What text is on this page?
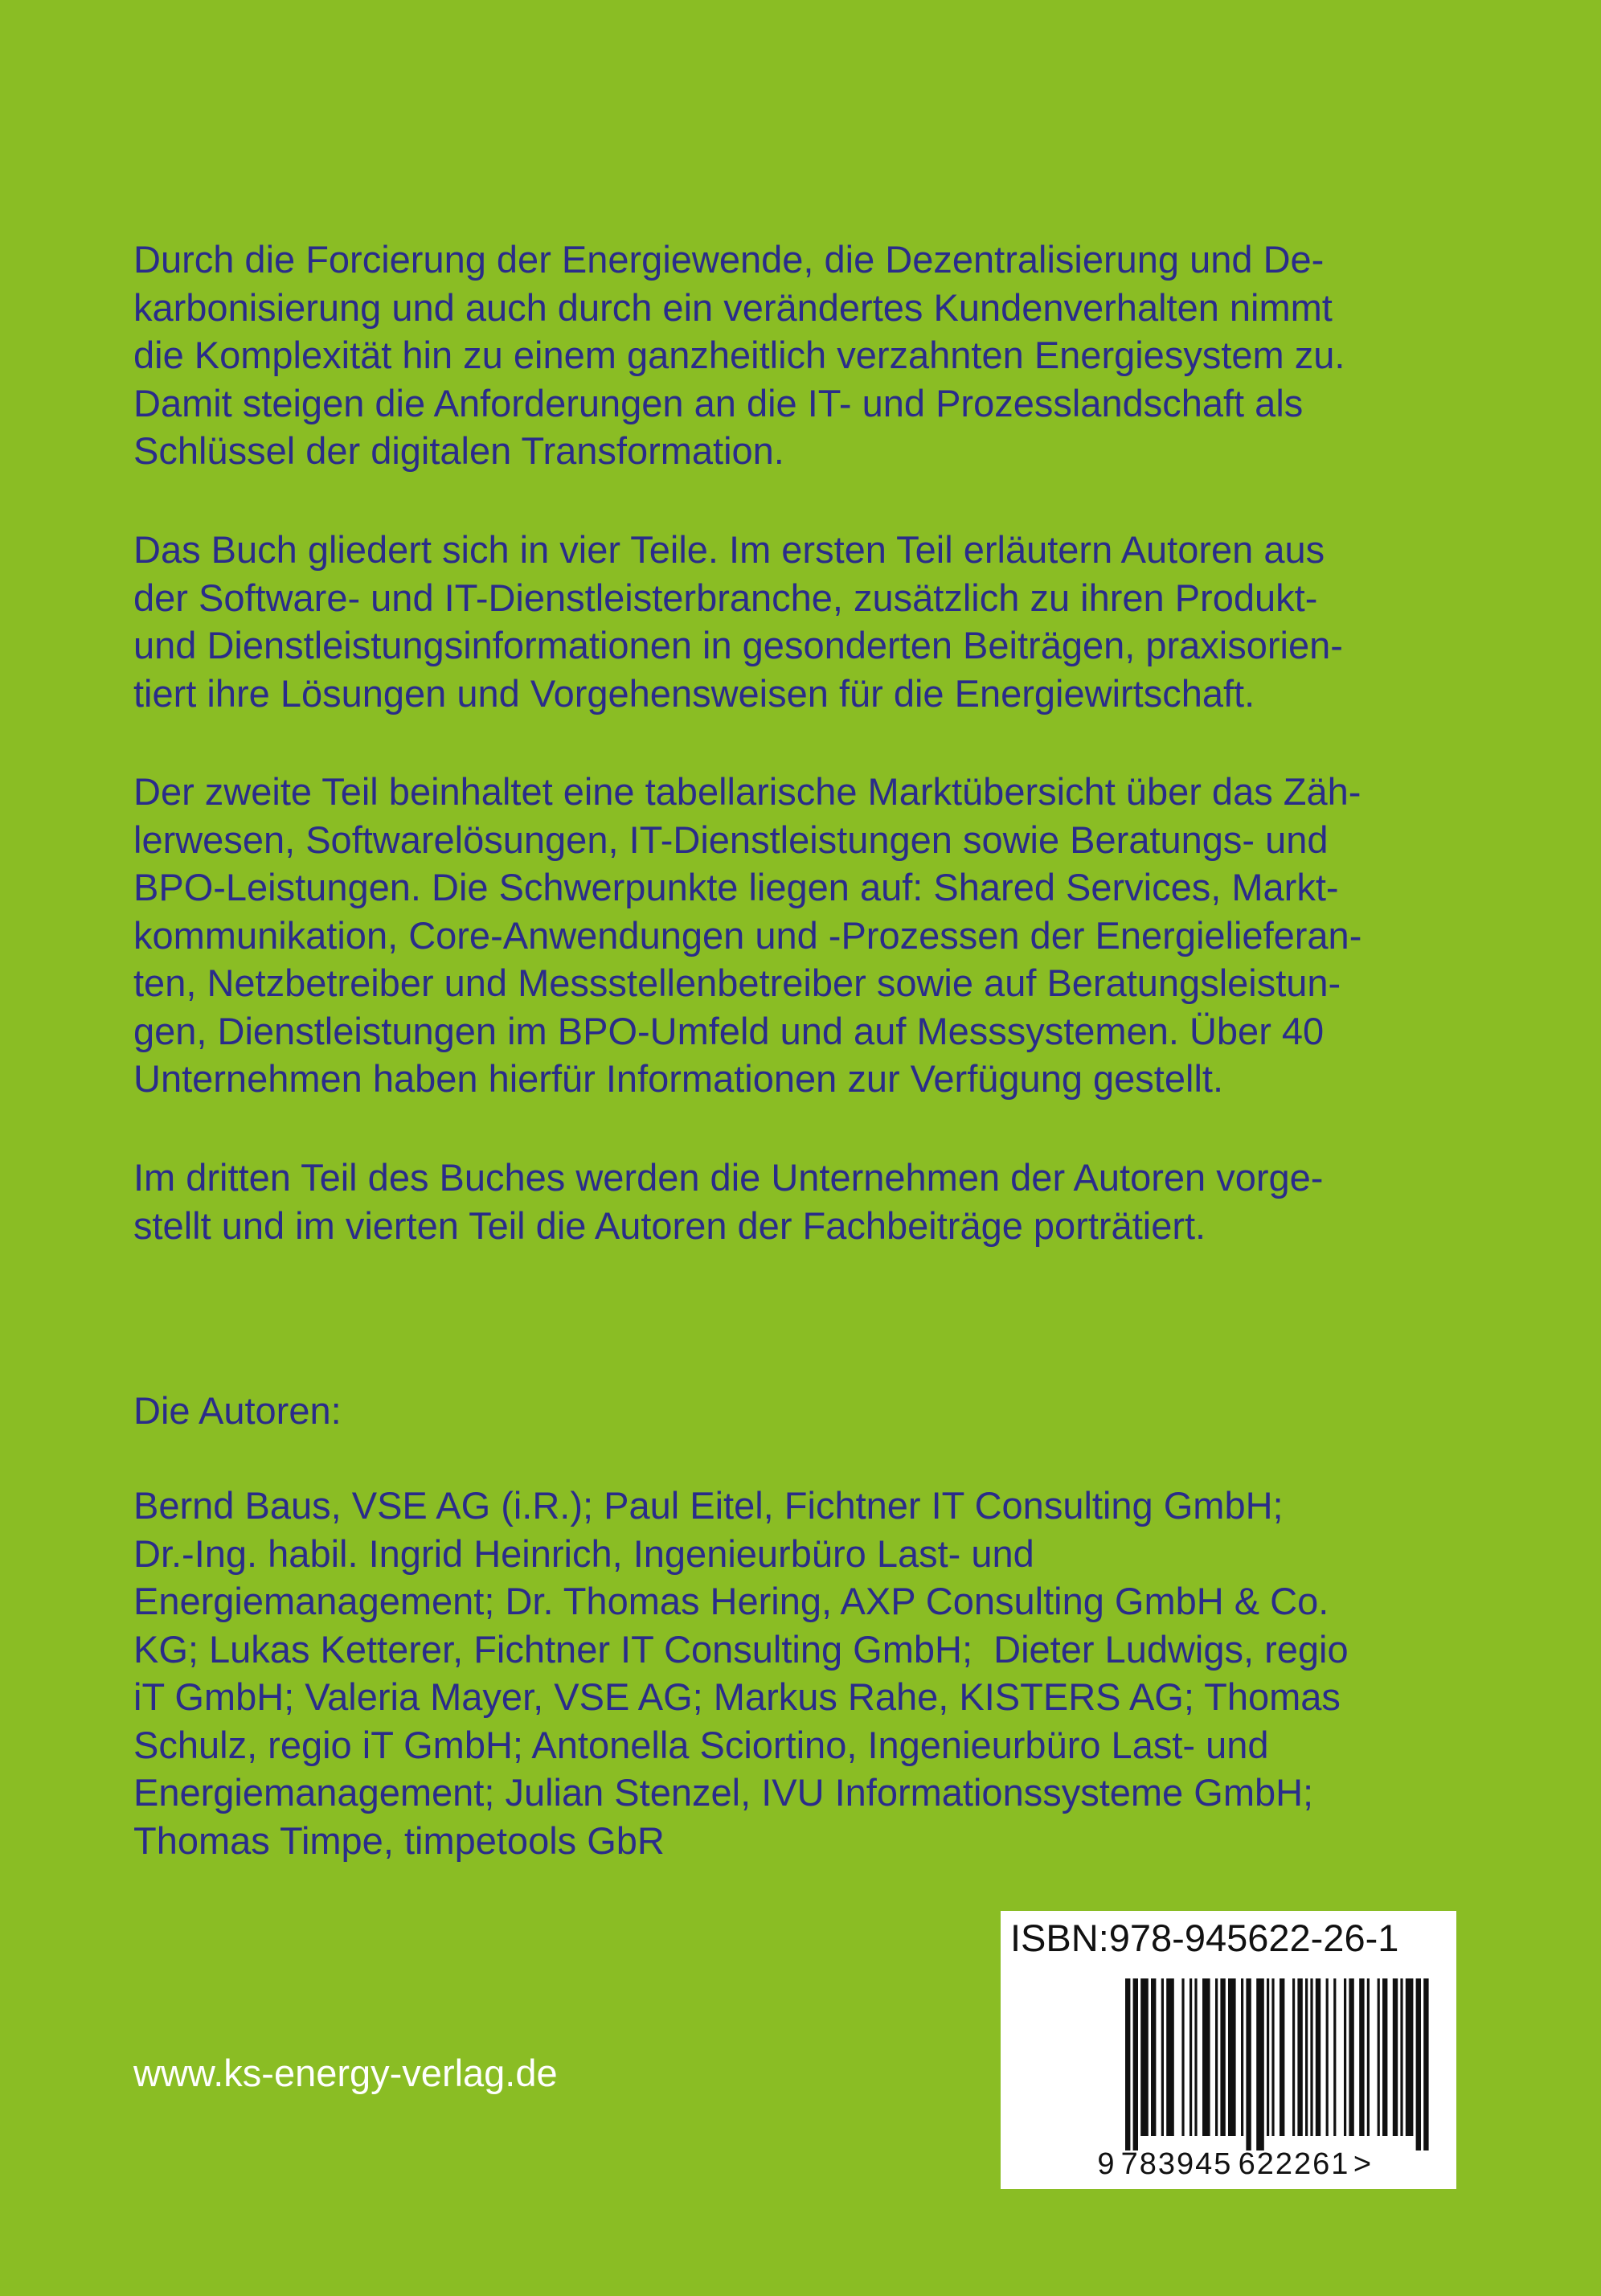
Durch die Forcierung der Energiewende, die Dezentralisierung und De-
karbonisierung und auch durch ein verändertes Kundenverhalten nimmt
die Komplexität hin zu einem ganzheitlich verzahnten Energiesystem zu.
Damit steigen die Anforderungen an die IT- und Prozesslandschaft als
Schlüssel der digitalen Transformation.
Das Buch gliedert sich in vier Teile. Im ersten Teil erläutern Autoren aus
der Software- und IT-Dienstleisterbranche, zusätzlich zu ihren Produkt-
und Dienstleistungsinformationen in gesonderten Beiträgen, praxisorien-
tiert ihre Lösungen und Vorgehensweisen für die Energiewirtschaft.
Der zweite Teil beinhaltet eine tabellarische Marktübersicht über das Zäh-
lerwesen, Softwarelösungen, IT-Dienstleistungen sowie Beratungs- und
BPO-Leistungen. Die Schwerpunkte liegen auf: Shared Services, Markt-
kommunikation, Core-Anwendungen und -Prozessen der Energielieferan-
ten, Netzbetreiber und Messstellenbetreiber sowie auf Beratungsleistun-
gen, Dienstleistungen im BPO-Umfeld und auf Messsystemen. Über 40
Unternehmen haben hierfür Informationen zur Verfügung gestellt.
Im dritten Teil des Buches werden die Unternehmen der Autoren vorge-
stellt und im vierten Teil die Autoren der Fachbeiträge porträtiert.
Die Autoren:
Bernd Baus, VSE AG (i.R.); Paul Eitel, Fichtner IT Consulting GmbH;
Dr.-Ing. habil. Ingrid Heinrich, Ingenieurbüro Last- und
Energiemanagement; Dr. Thomas Hering, AXP Consulting GmbH & Co.
KG; Lukas Ketterer, Fichtner IT Consulting GmbH;  Dieter Ludwigs, regio
iT GmbH; Valeria Mayer, VSE AG; Markus Rahe, KISTERS AG; Thomas
Schulz, regio iT GmbH; Antonella Sciortino, Ingenieurbüro Last- und
Energiemanagement; Julian Stenzel, IVU Informationssysteme GmbH;
Thomas Timpe, timpetools GbR
www.ks-energy-verlag.de
ISBN:978-945622-26-1
9 783945 622261 >
